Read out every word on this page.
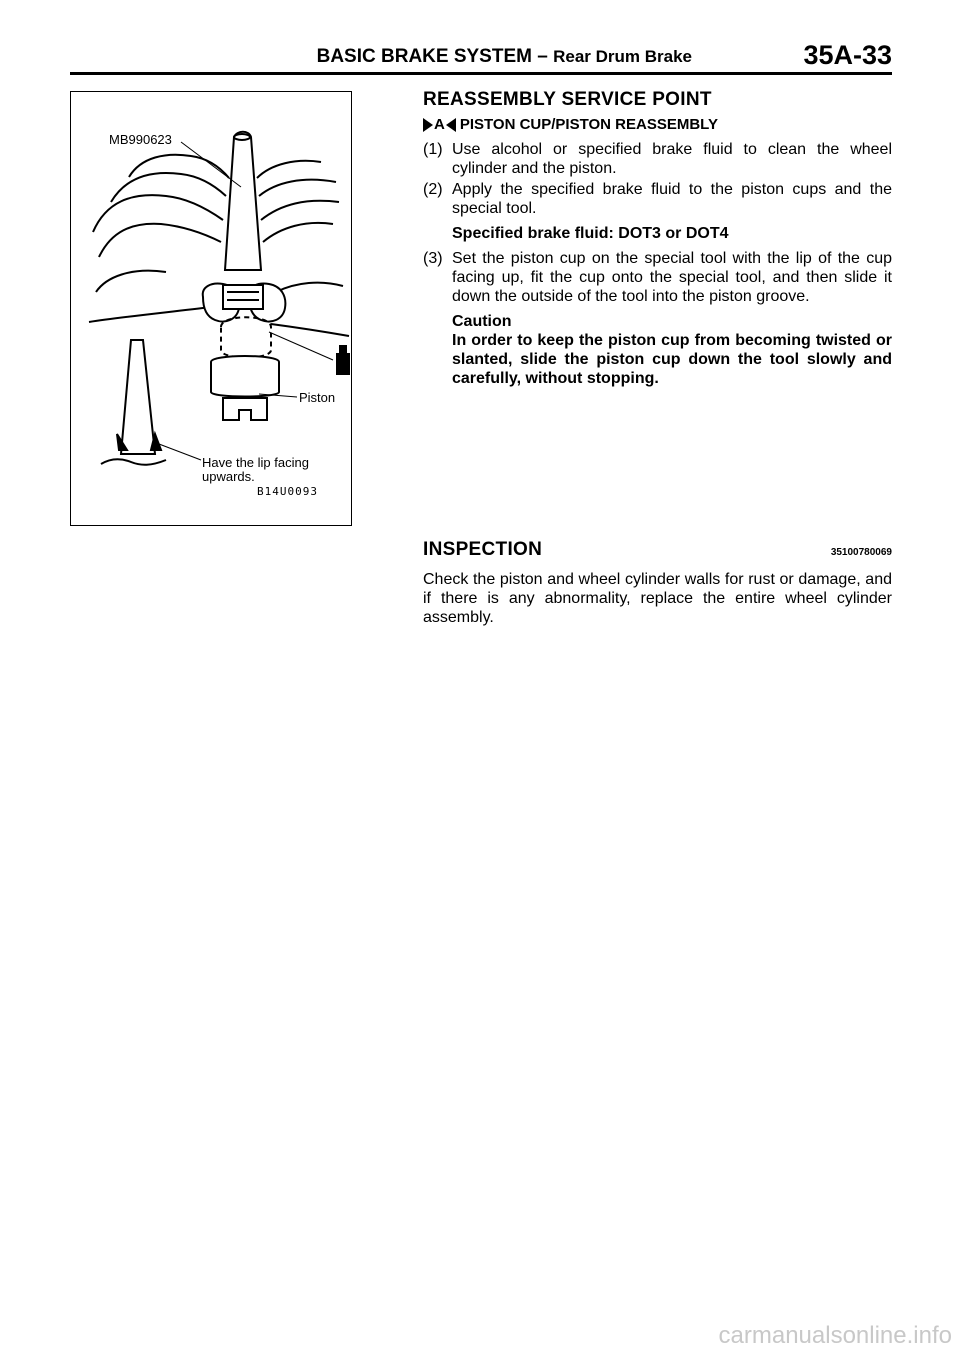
BASIC BRAKE SYSTEM – Rear Drum Brake	35A-33
MB990623
Piston
Have the lip facing
upwards.
B14U0093
REASSEMBLY SERVICE POINT
A PISTON CUP/PISTON REASSEMBLY
(1) Use alcohol or specified brake fluid to clean the wheel cylinder and the piston.
(2) Apply the specified brake fluid to the piston cups and the special tool.
Specified brake fluid: DOT3 or DOT4
(3) Set the piston cup on the special tool with the lip of the cup facing up, fit the cup onto the special tool, and then slide it down the outside of the tool into the piston groove.
Caution
In order to keep the piston cup from becoming twisted or slanted, slide the piston cup down the tool slowly and carefully, without stopping.
INSPECTION	35100780069
Check the piston and wheel cylinder walls for rust or damage, and if there is any abnormality, replace the entire wheel cylinder assembly.
carmanualsonline.info
